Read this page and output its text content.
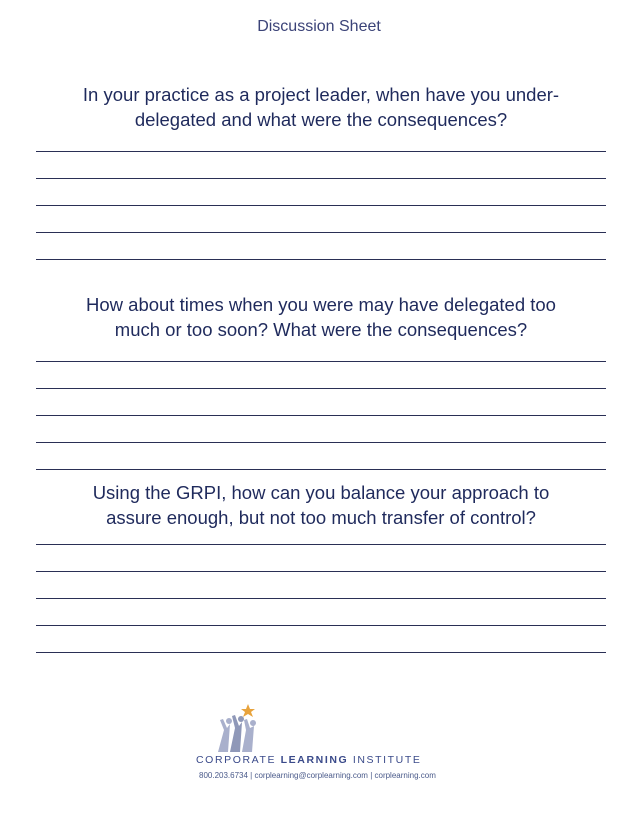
Discussion Sheet
In your practice as a project leader, when have you under-
delegated and what were the consequences?
How about times when you were may have delegated too
much or too soon? What were the consequences?
Using the GRPI, how can you balance your approach to
assure enough, but not too much transfer of control?
CORPORATE LEARNING INSTITUTE
800.203.6734 | corplearning@corplearning.com | corplearning.com
